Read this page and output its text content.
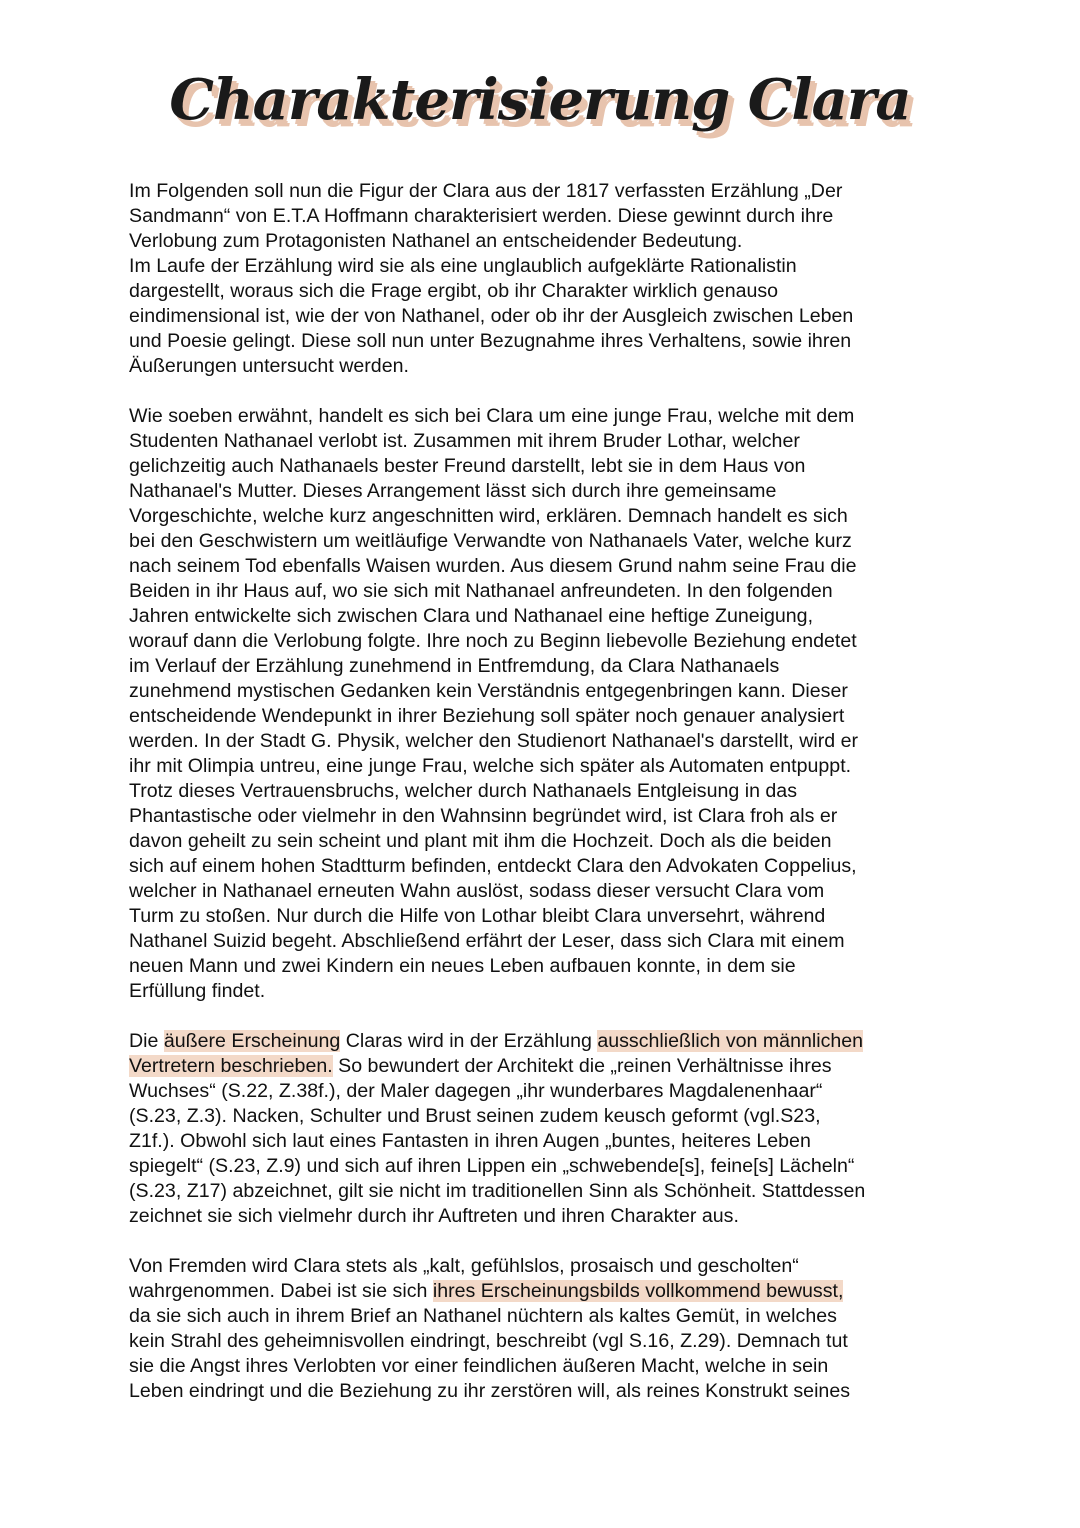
Charakterisierung Clara
Im Folgenden soll nun die Figur der Clara aus der 1817 verfassten Erzählung „Der
Sandmann“ von E.T.A Hoffmann charakterisiert werden. Diese gewinnt durch ihre
Verlobung zum Protagonisten Nathanel an entscheidender Bedeutung.
Im Laufe der Erzählung wird sie als eine unglaublich aufgeklärte Rationalistin
dargestellt, woraus sich die Frage ergibt, ob ihr Charakter wirklich genauso
eindimensional ist, wie der von Nathanel, oder ob ihr der Ausgleich zwischen Leben
und Poesie gelingt. Diese soll nun unter Bezugnahme ihres Verhaltens, sowie ihren
Äußerungen untersucht werden.
Wie soeben erwähnt, handelt es sich bei Clara um eine junge Frau, welche mit dem
Studenten Nathanael verlobt ist. Zusammen mit ihrem Bruder Lothar, welcher
gelichzeitig auch Nathanaels bester Freund darstellt, lebt sie in dem Haus von
Nathanael's Mutter. Dieses Arrangement lässt sich durch ihre gemeinsame
Vorgeschichte, welche kurz angeschnitten wird, erklären. Demnach handelt es sich
bei den Geschwistern um weitläufige Verwandte von Nathanaels Vater, welche kurz
nach seinem Tod ebenfalls Waisen wurden. Aus diesem Grund nahm seine Frau die
Beiden in ihr Haus auf, wo sie sich mit Nathanael anfreundeten. In den folgenden
Jahren entwickelte sich zwischen Clara und Nathanael eine heftige Zuneigung,
worauf dann die Verlobung folgte. Ihre noch zu Beginn liebevolle Beziehung endetet
im Verlauf der Erzählung zunehmend in Entfremdung, da Clara Nathanaels
zunehmend mystischen Gedanken kein Verständnis entgegenbringen kann. Dieser
entscheidende Wendepunkt in ihrer Beziehung soll später noch genauer analysiert
werden. In der Stadt G. Physik, welcher den Studienort Nathanael's darstellt, wird er
ihr mit Olimpia untreu, eine junge Frau, welche sich später als Automaten entpuppt.
Trotz dieses Vertrauensbruchs, welcher durch Nathanaels Entgleisung in das
Phantastische oder vielmehr in den Wahnsinn begründet wird, ist Clara froh als er
davon geheilt zu sein scheint und plant mit ihm die Hochzeit. Doch als die beiden
sich auf einem hohen Stadtturm befinden, entdeckt Clara den Advokaten Coppelius,
welcher in Nathanael erneuten Wahn auslöst, sodass dieser versucht Clara vom
Turm zu stoßen. Nur durch die Hilfe von Lothar bleibt Clara unversehrt, während
Nathanel Suizid begeht. Abschließend erfährt der Leser, dass sich Clara mit einem
neuen Mann und zwei Kindern ein neues Leben aufbauen konnte, in dem sie
Erfüllung findet.
Die äußere Erscheinung Claras wird in der Erzählung ausschließlich von männlichen
Vertretern beschrieben. So bewundert der Architekt die „reinen Verhältnisse ihres
Wuchses“ (S.22, Z.38f.), der Maler dagegen „ihr wunderbares Magdalenenhaar“
(S.23, Z.3). Nacken, Schulter und Brust seinen zudem keusch geformt (vgl.S23,
Z1f.). Obwohl sich laut eines Fantasten in ihren Augen „buntes, heiteres Leben
spiegelt“ (S.23, Z.9) und sich auf ihren Lippen ein „schwebende[s], feine[s] Lächeln“
(S.23, Z17) abzeichnet, gilt sie nicht im traditionellen Sinn als Schönheit. Stattdessen
zeichnet sie sich vielmehr durch ihr Auftreten und ihren Charakter aus.
Von Fremden wird Clara stets als „kalt, gefühlslos, prosaisch und gescholten“
wahrgenommen. Dabei ist sie sich ihres Erscheinungsbilds vollkommend bewusst,
da sie sich auch in ihrem Brief an Nathanel nüchtern als kaltes Gemüt, in welches
kein Strahl des geheimnisvollen eindringt, beschreibt (vgl S.16, Z.29). Demnach tut
sie die Angst ihres Verlobten vor einer feindlichen äußeren Macht, welche in sein
Leben eindringt und die Beziehung zu ihr zerstören will, als reines Konstrukt seines
